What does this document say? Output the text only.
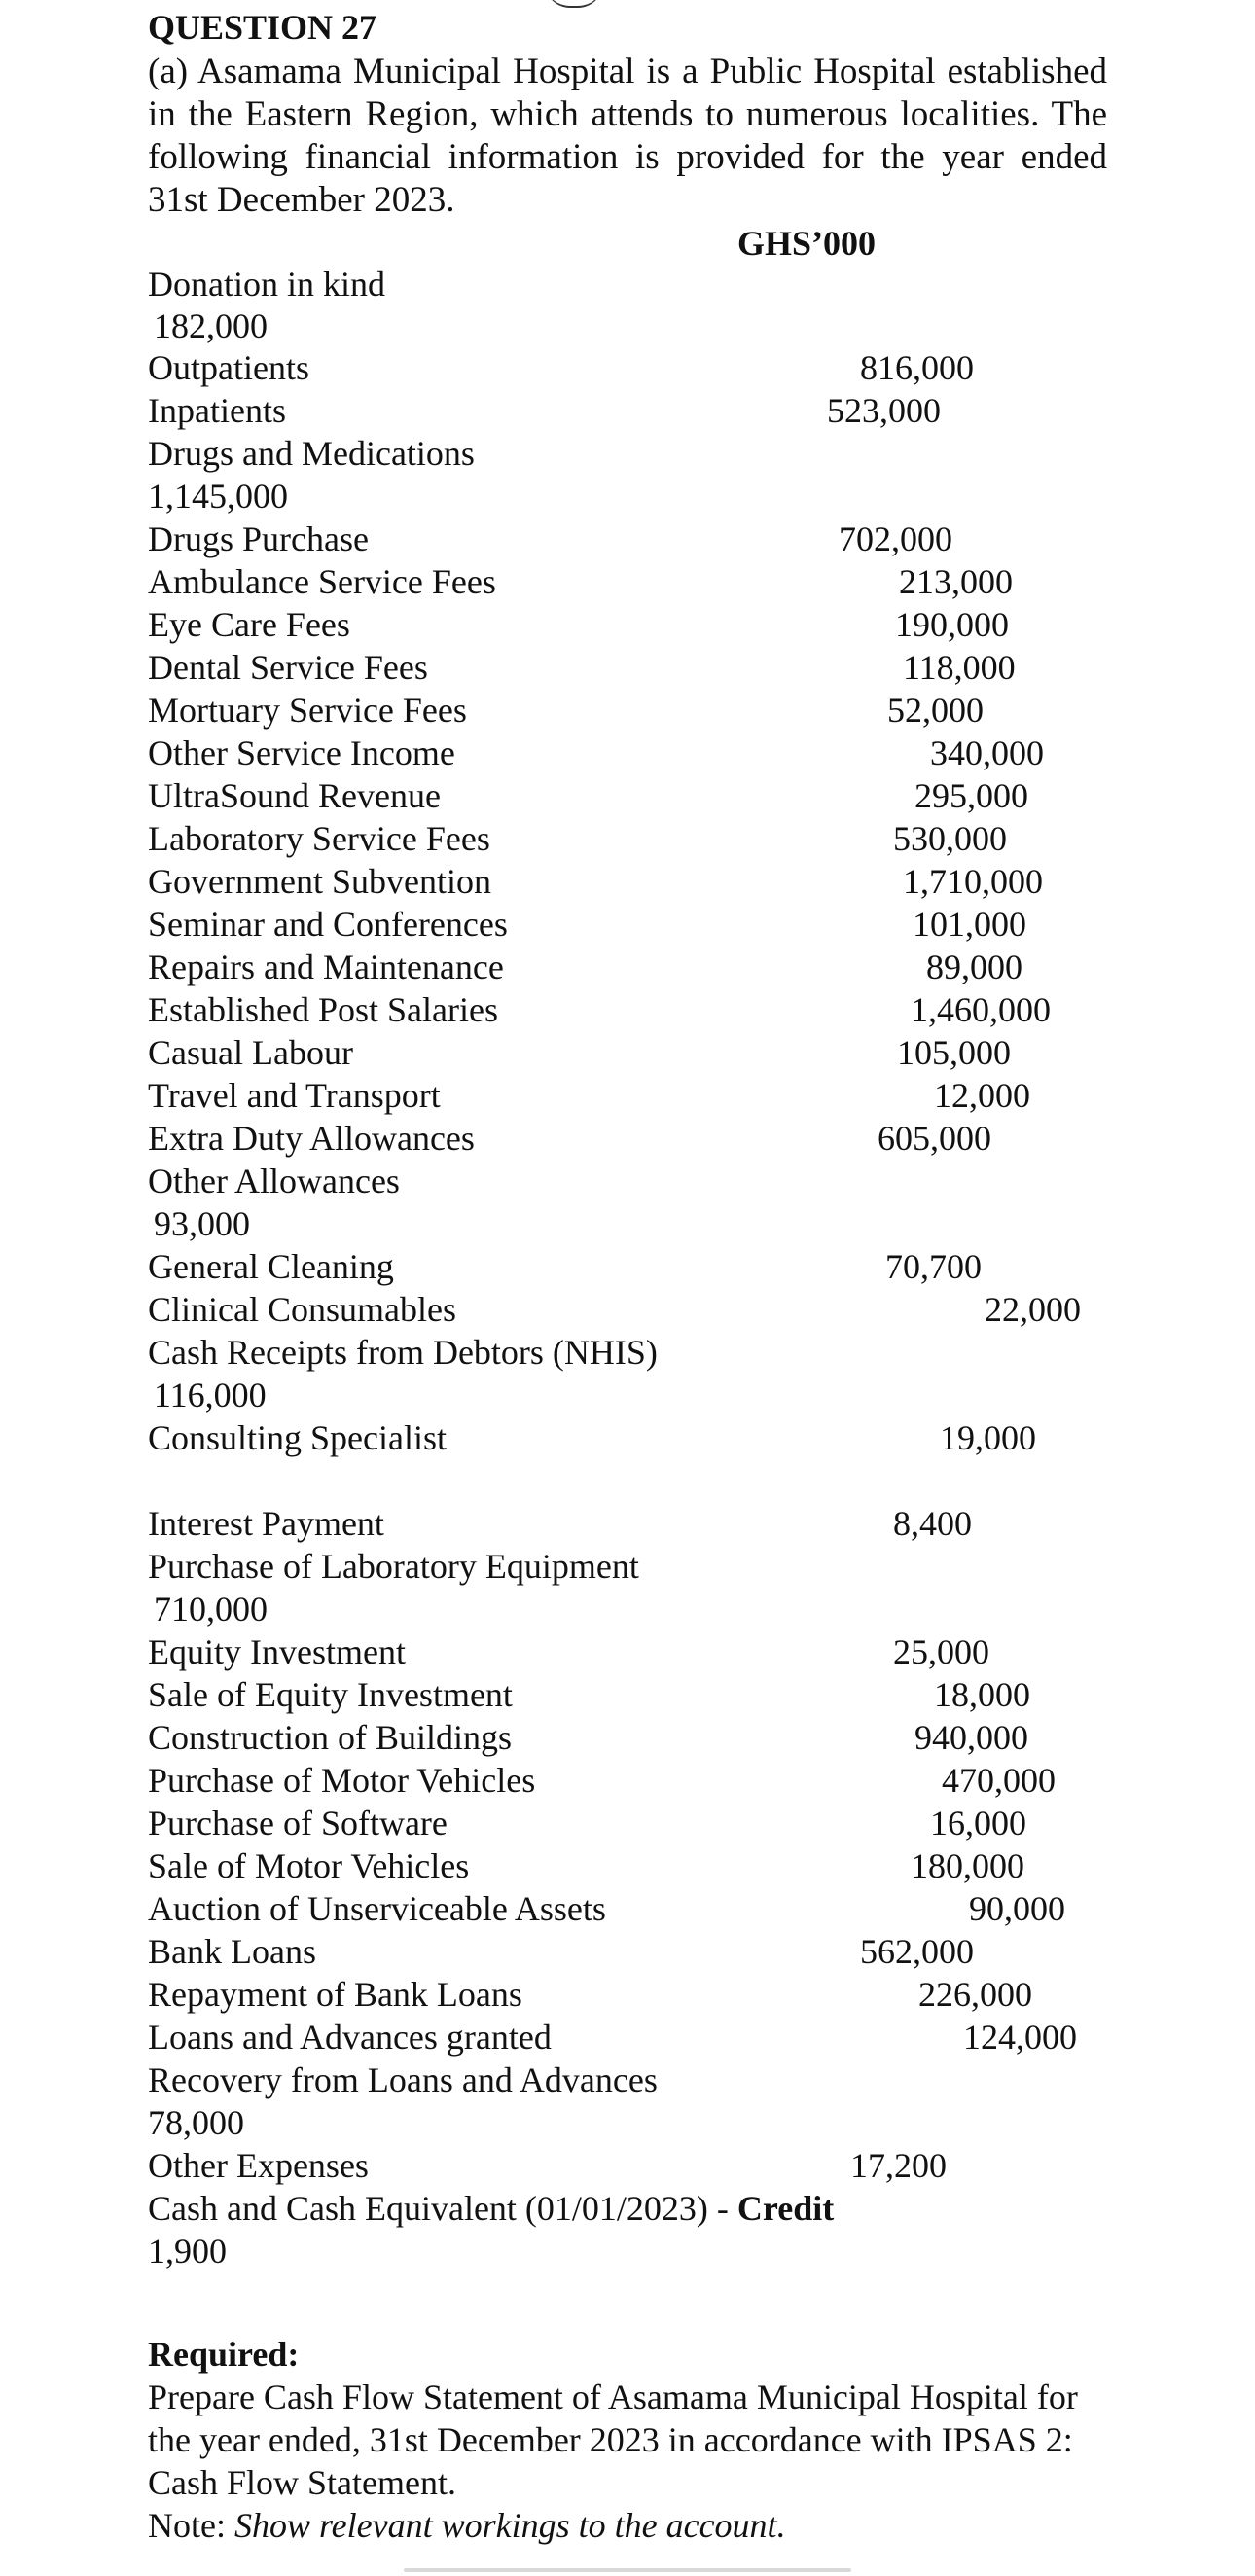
QUESTION 27

(a) Asamama Municipal Hospital is a Public Hospital established in the Eastern Region, which attends to numerous localities. The following financial information is provided for the year ended 31st December 2023.

GHS’000
Donation in kind
182,000
Outpatients	816,000
Inpatients	523,000
Drugs and Medications
1,145,000
Drugs Purchase	702,000
Ambulance Service Fees	213,000
Eye Care Fees	190,000
Dental Service Fees	118,000
Mortuary Service Fees	52,000
Other Service Income	340,000
UltraSound Revenue	295,000
Laboratory Service Fees	530,000
Government Subvention	1,710,000
Seminar and Conferences	101,000
Repairs and Maintenance	89,000
Established Post Salaries	1,460,000
Casual Labour	105,000
Travel and Transport	12,000
Extra Duty Allowances	605,000
Other Allowances
93,000
General Cleaning	70,700
Clinical Consumables	22,000
Cash Receipts from Debtors (NHIS)
116,000
Consulting Specialist	19,000
Interest Payment	8,400
Purchase of Laboratory Equipment
710,000
Equity Investment	25,000
Sale of Equity Investment	18,000
Construction of Buildings	940,000
Purchase of Motor Vehicles	470,000
Purchase of Software	16,000
Sale of Motor Vehicles	180,000
Auction of Unserviceable Assets	90,000
Bank Loans	562,000
Repayment of Bank Loans	226,000
Loans and Advances granted	124,000
Recovery from Loans and Advances
78,000
Other Expenses	17,200
Cash and Cash Equivalent (01/01/2023) - Credit
1,900
Required:

Prepare Cash Flow Statement of Asamama Municipal Hospital for the year ended, 31st December 2023 in accordance with IPSAS 2: Cash Flow Statement.

Note: Show relevant workings to the account.
